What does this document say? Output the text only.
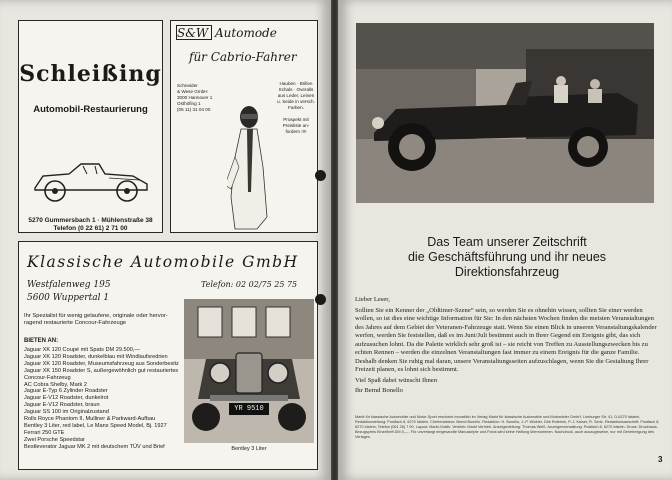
Schleißing
Automobil-Restaurierung
5270 Gummersbach 1 · Mühlenstraße 38
Telefon (0 22 61) 2 71 00
S&W Automode
für Cabrio-Fahrer
Schneider
& Wese GmbH
3000 Hannover 1
Osthöfing 1
(05 11) 31 04 00
Hauben · Brillen
Schals · Overalls
aus Leder, Leinen
u. Seide in versch.
Farben.
Prospekt mit
Preisliste an-
fordern !!!!
Klassische Automobile GmbH
Westfalenweg 195
5600 Wuppertal 1
Telefon: 02 02/75 25 75
Ihr Spezialist für wenig gelaufene, originale oder hervor-ragend restaurierte Concour-Fahrzeuge
BIETEN AN:
Jaguar XK 120 Coupé mit Spats DM 29.500,—
Jaguar XK 120 Roadster, dunkelblau mit Windlaufsredrien
Jaguar XK 120 Roadster, Museumsfahrzeug aus Sonderbesitz
Jaguar XK 150 Roadster S, außergewöhnlich gut restauriertes
Concour-Fahrzeug
AC Cobra Shelby, Mark 2
Jaguar E-Typ 6 Zylinder Roadster
Jaguar E-V12 Roadster, dunkelrot
Jaguar E-V12 Roadster, braun
Jaguar SS 100 im Originalzustand
Rolls Royce Phantom II, Mulliner & Parkward-Aufbau
Bentley 3 Liter, red label, Le Mans Speed Model, Bj. 1927
Ferrari 250 GTE
Zwei Porsche Speedstar
Bestleverator Jaguar MK 2 mit deutschem TÜV und Brief
YR 9510
Bentley 3 Liter
Das Team unserer Zeitschrift
die Geschäftsführung und ihr neues
Direktionsfahrzeug

Lieber Leser,

Sollten Sie ein Kenner der „Oldtimer-Szene“ sein, so werden Sie es ohnehin wissen, sollten Sie einer werden wollen, so ist dies eine wichtige Information für Sie: In den nächsten Wochen finden die meisten Veranstaltungen des Jahres auf dem Gebiet der Veteranen-Fahrzeuge statt. Wenn Sie einen Blick in unseren Veranstaltungskalender werfen, werden Sie feststellen, daß es im Juni/Juli bestimmt auch in Ihrer Gegend ein Ereignis gibt, das sich aufzusuchen lohnt. Da die Palette wirklich sehr groß ist – sie reicht von Treffen zu Ausstellungszwecken bis zu echten Rennen – werden die einzelnen Veranstaltungen fast immer zu einem Ereignis für die ganze Familie. Deshalb denken Sie ruhig mal daran, unsere Veranstaltungsseiten aufzuschlagen, wenn Sie die Gestaltung Ihrer Freizeit planen, es lohnt sich bestimmt.

Viel Spaß dabei wünscht Ihnen

Ihr Bernd Bonello

Markt für klassische Automobile und Motor-Sport erscheint monatlich im Verlag Markt für klassische Automobile und Motorräder GmbH, Limburger Str. 41, D-6270 Idstein. Redaktionsleitung: Postfach 8, 6270 Idstein. Chefredakteur: Bernd Bonello. Redaktion: H. Bonello, J.-P. Winkler, Dirk Roterink, P.-J. Kaiser, R. Sertz. Redaktionsanschrift: Postfach 8, 6270 Idstein, Telefon (061 26) 7 90. Layout: Markt-Grafik. Vertrieb: Markt Vertrieb. Anzeigenleitung: Thomas Weiß. Anzeigenverwaltung: Postfach 8, 6270 Idstein. Druck: Druckhaus. Bezugspreis Einzelheft DM 5,—. Für unverlangt eingesandte Manuskripte und Fotos wird keine Haftung übernommen. Nachdruck, auch auszugsweise, nur mit Genehmigung des Verlages.
3
